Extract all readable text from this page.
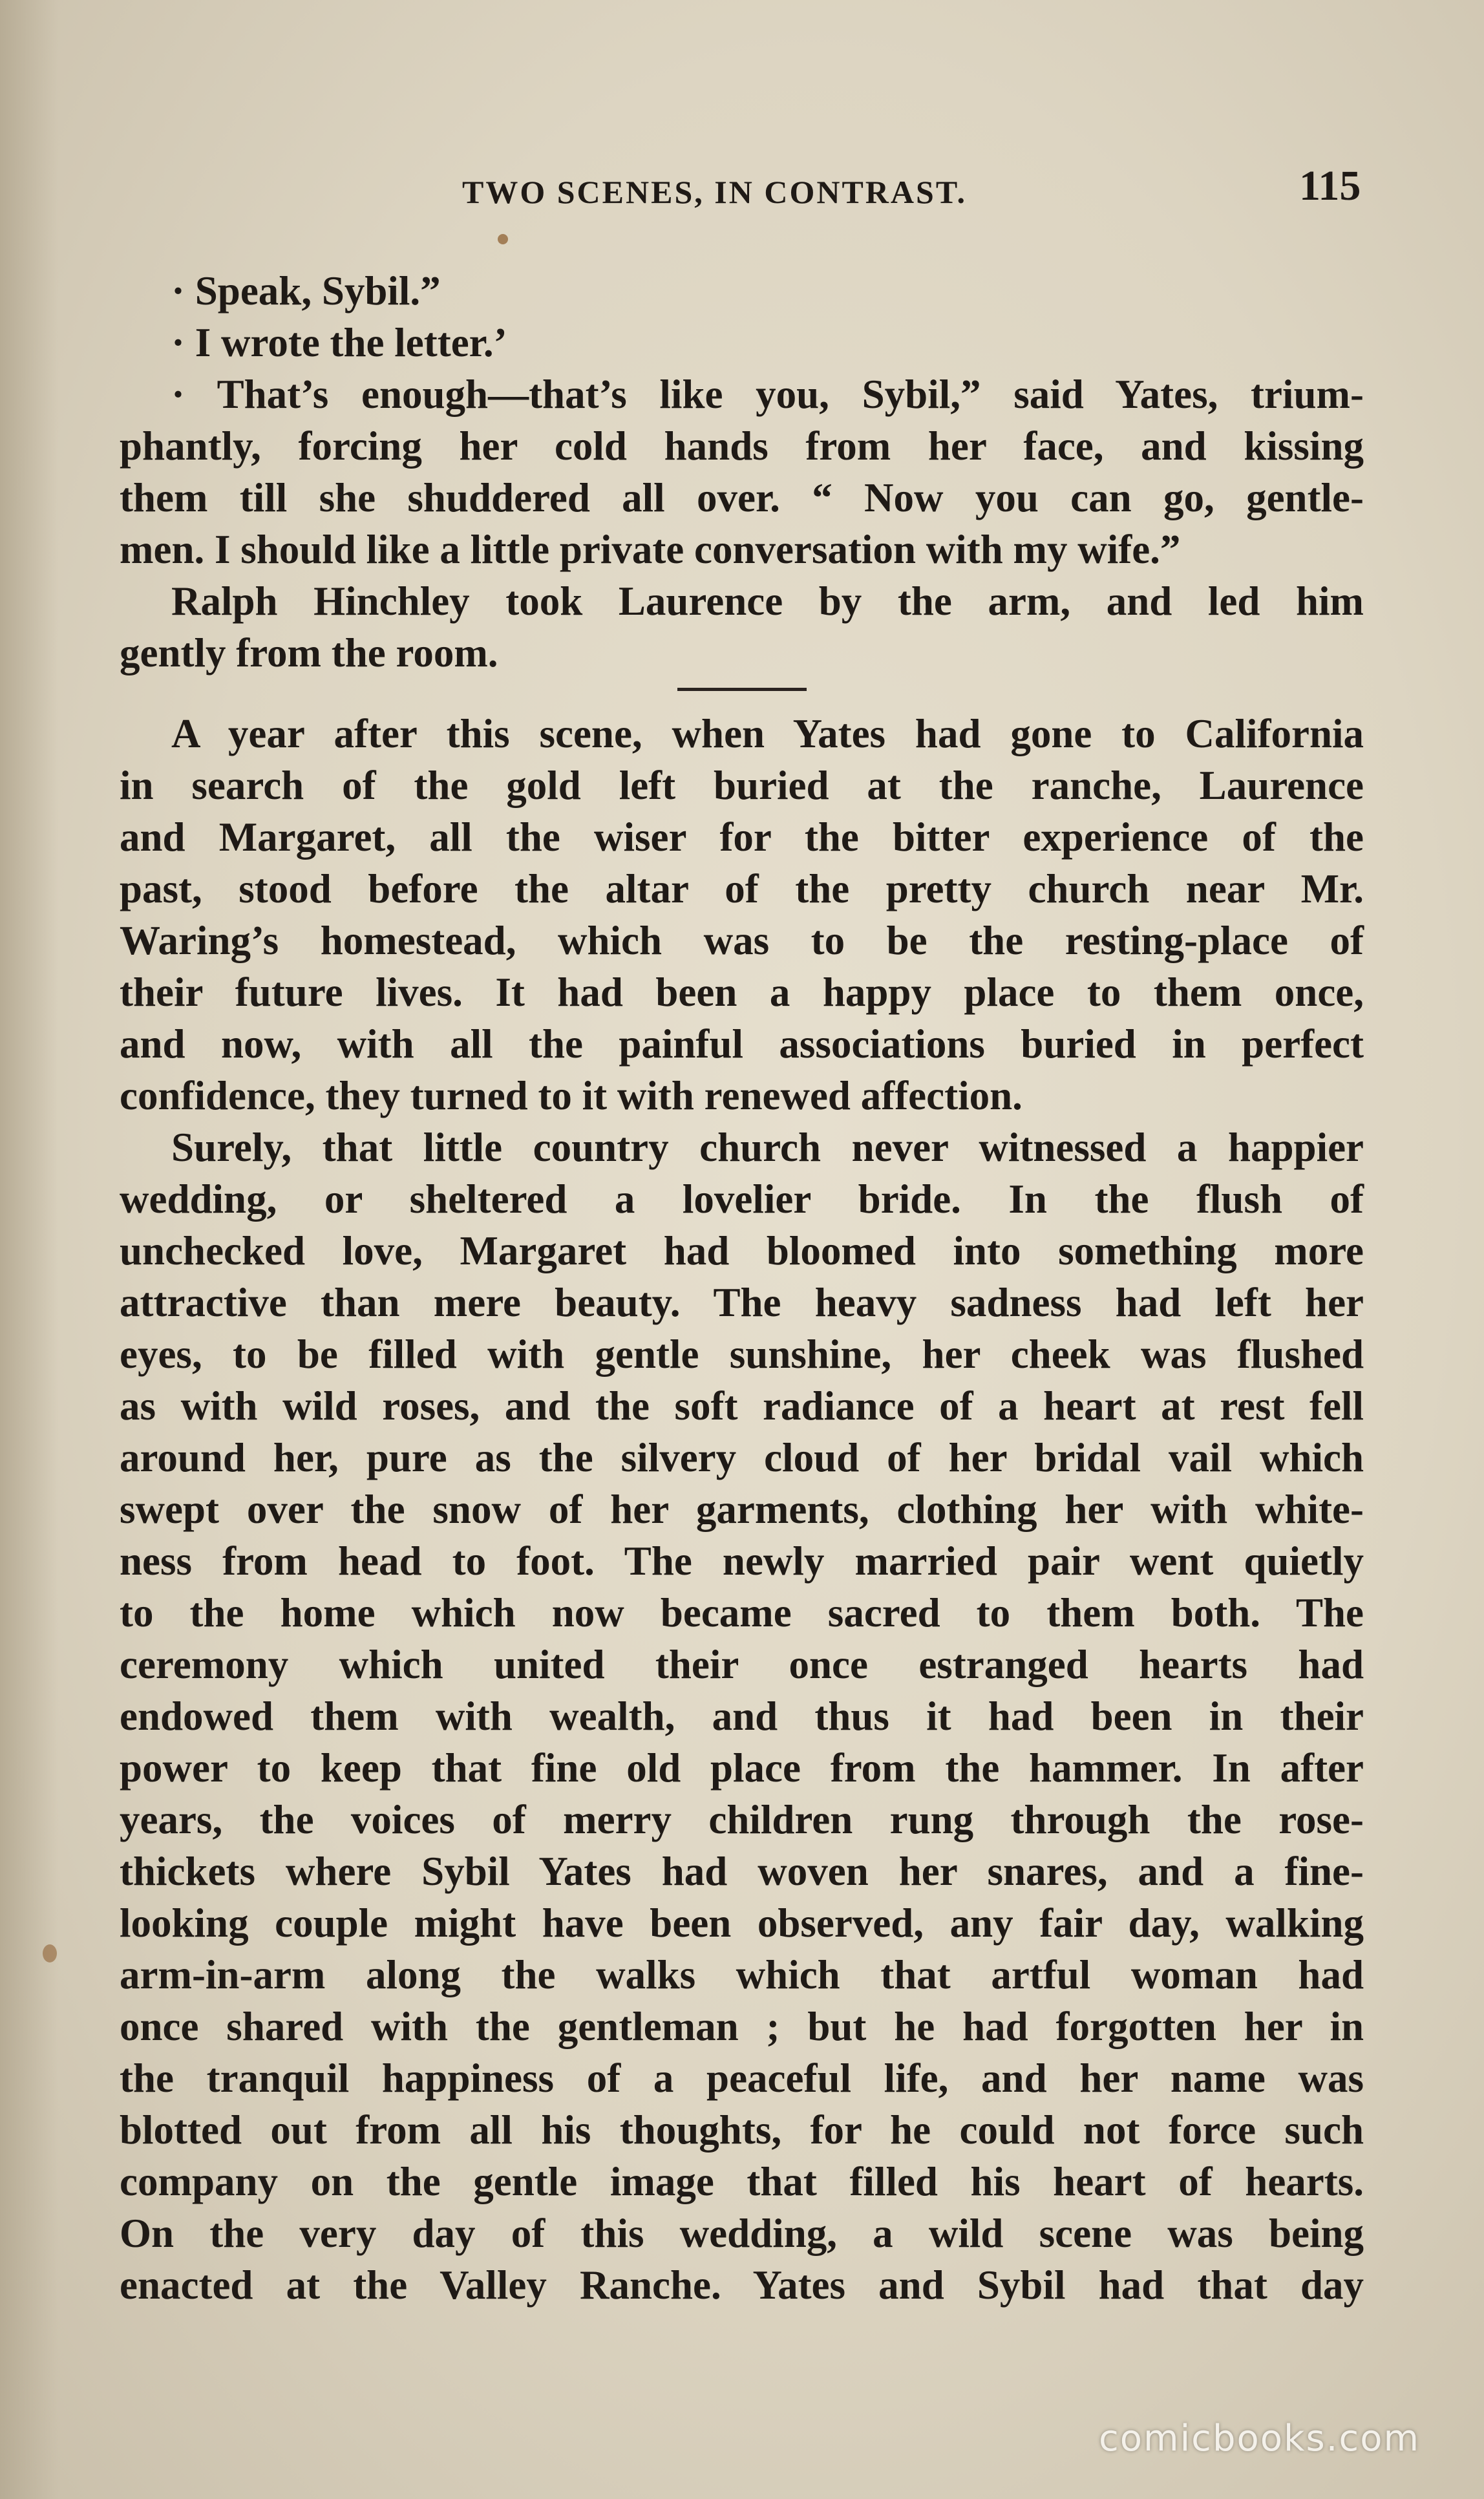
TWO SCENES, IN CONTRAST.	115
· Speak, Sybil.”
· I wrote the letter.’
· That’s enough—that’s like you, Sybil,” said Yates, trium-
phantly, forcing her cold hands from her face, and kissing
them till she shuddered all over. “ Now you can go, gentle-
men. I should like a little private conversation with my wife.”
Ralph Hinchley took Laurence by the arm, and led him
gently from the room.
A year after this scene, when Yates had gone to California
in search of the gold left buried at the ranche, Laurence
and Margaret, all the wiser for the bitter experience of the
past, stood before the altar of the pretty church near Mr.
Waring’s homestead, which was to be the resting-place of
their future lives. It had been a happy place to them once,
and now, with all the painful associations buried in perfect
confidence, they turned to it with renewed affection.
Surely, that little country church never witnessed a happier
wedding, or sheltered a lovelier bride. In the flush of
unchecked love, Margaret had bloomed into something more
attractive than mere beauty. The heavy sadness had left her
eyes, to be filled with gentle sunshine, her cheek was flushed
as with wild roses, and the soft radiance of a heart at rest fell
around her, pure as the silvery cloud of her bridal vail which
swept over the snow of her garments, clothing her with white-
ness from head to foot. The newly married pair went quietly
to the home which now became sacred to them both. The
ceremony which united their once estranged hearts had
endowed them with wealth, and thus it had been in their
power to keep that fine old place from the hammer. In after
years, the voices of merry children rung through the rose-
thickets where Sybil Yates had woven her snares, and a fine-
looking couple might have been observed, any fair day, walking
arm-in-arm along the walks which that artful woman had
once shared with the gentleman ; but he had forgotten her in
the tranquil happiness of a peaceful life, and her name was
blotted out from all his thoughts, for he could not force such
company on the gentle image that filled his heart of hearts.
On the very day of this wedding, a wild scene was being
enacted at the Valley Ranche. Yates and Sybil had that day
comicbooks.com
